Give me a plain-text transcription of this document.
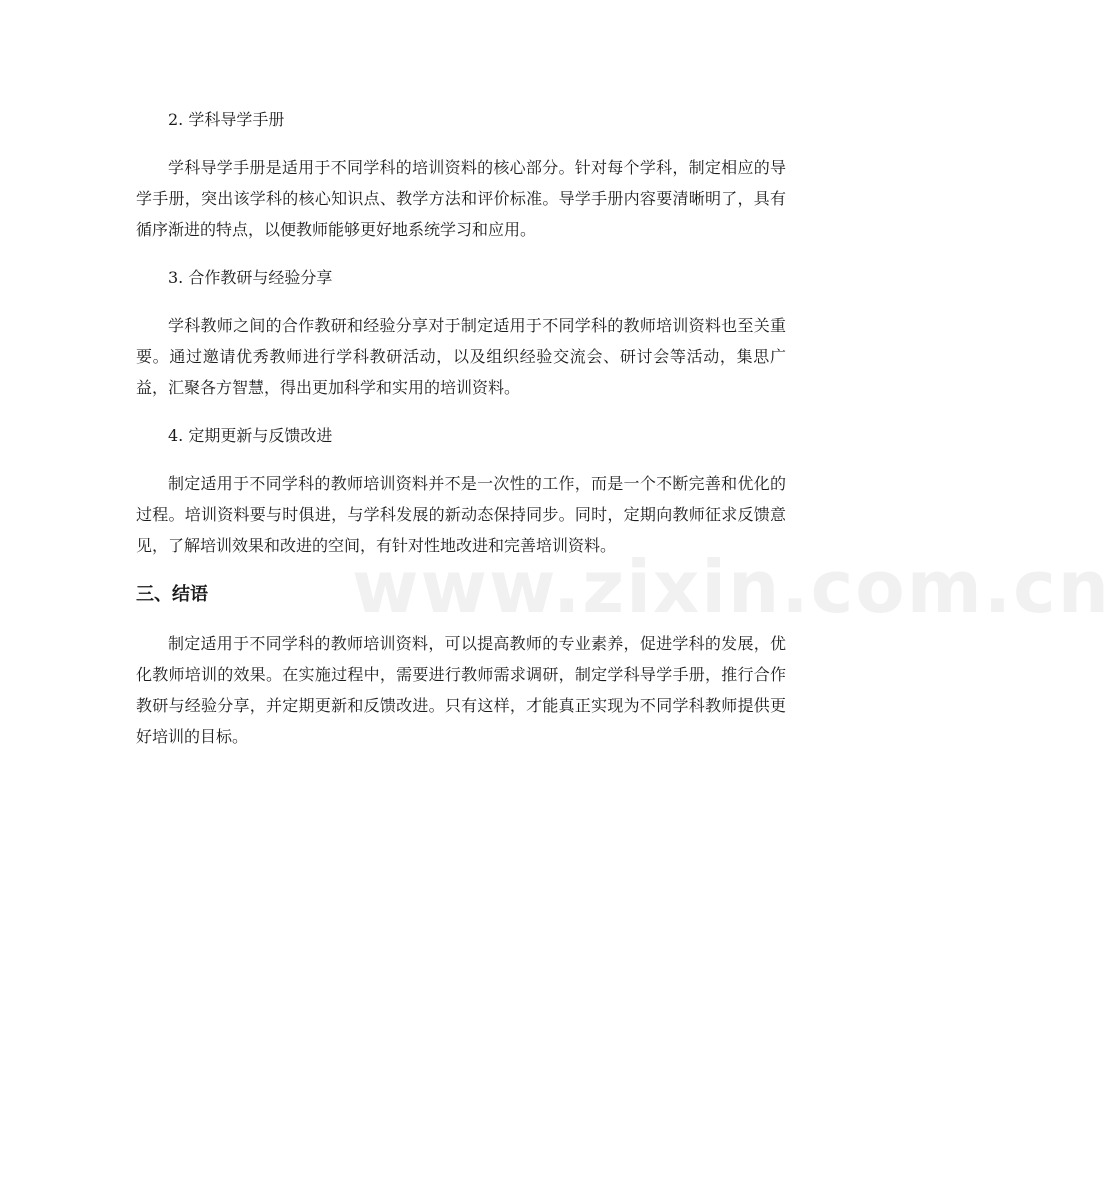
www.zixin.com.cn
2. 学科导学手册

学科导学手册是适用于不同学科的培训资料的核心部分。针对每个学科，制定相应的导学手册，突出该学科的核心知识点、教学方法和评价标准。导学手册内容要清晰明了，具有循序渐进的特点，以便教师能够更好地系统学习和应用。

3. 合作教研与经验分享

学科教师之间的合作教研和经验分享对于制定适用于不同学科的教师培训资料也至关重要。通过邀请优秀教师进行学科教研活动，以及组织经验交流会、研讨会等活动，集思广益，汇聚各方智慧，得出更加科学和实用的培训资料。

4. 定期更新与反馈改进

制定适用于不同学科的教师培训资料并不是一次性的工作，而是一个不断完善和优化的过程。培训资料要与时俱进，与学科发展的新动态保持同步。同时，定期向教师征求反馈意见，了解培训效果和改进的空间，有针对性地改进和完善培训资料。

三、结语

制定适用于不同学科的教师培训资料，可以提高教师的专业素养，促进学科的发展，优化教师培训的效果。在实施过程中，需要进行教师需求调研，制定学科导学手册，推行合作教研与经验分享，并定期更新和反馈改进。只有这样，才能真正实现为不同学科教师提供更好培训的目标。
